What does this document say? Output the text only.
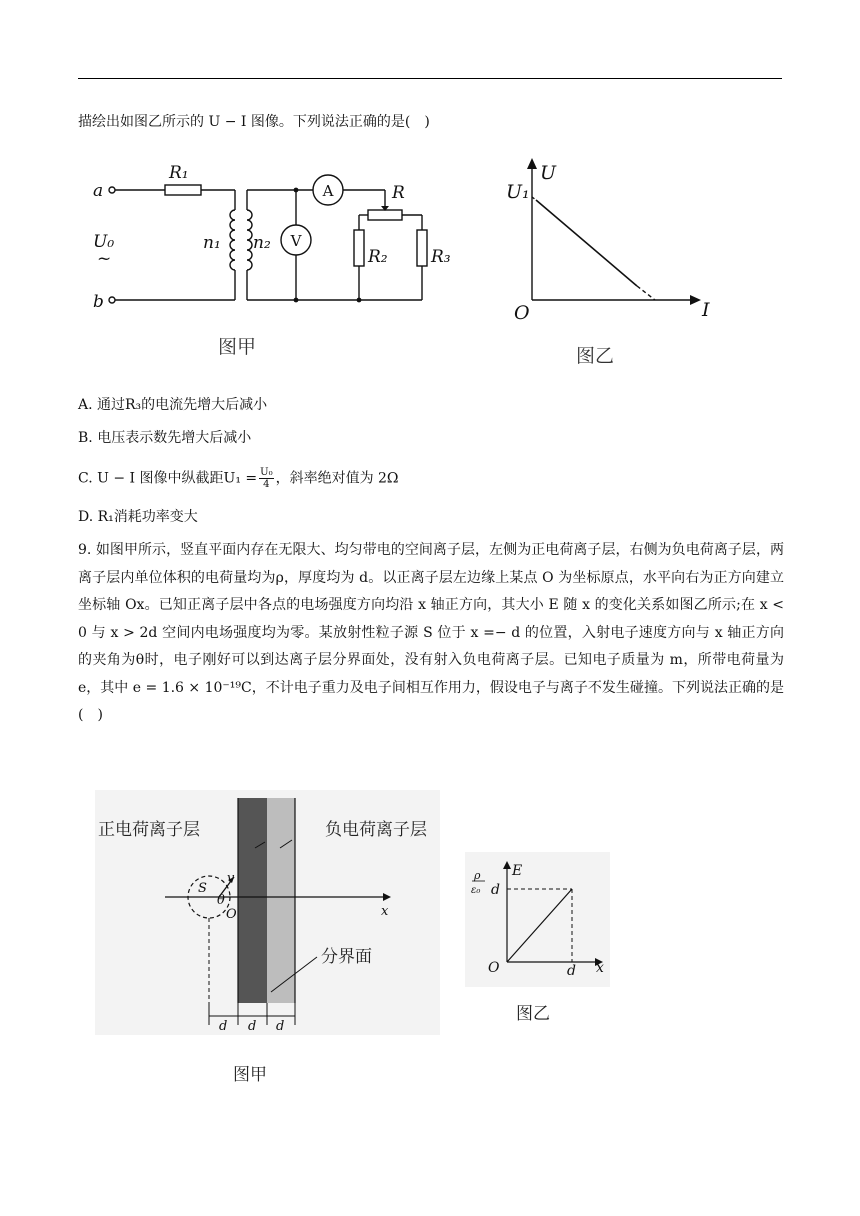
描绘出如图乙所示的 U − I 图像。下列说法正确的是(　)
a
b
U₀
~
R₁
n₁ n₂
R
R₂	R₃
A
V
图甲
U
I
O
U₁
图乙
A. 通过R₃的电流先增大后减小
B. 电压表示数先增大后减小
C. U − I 图像中纵截距$U_1 = \frac{\text{U₀}}{4}$ ，斜率绝对值为 2Ω
D. R₁消耗功率变大
9. 如图甲所示，竖直平面内存在无限大、均匀带电的空间离子层，左侧为正电荷离子层，右侧为负电荷离子层，两离子层内单位体积的电荷量均为ρ，厚度均为 d。以正离子层左边缘上某点 O 为坐标原点，水平向右为正方向建立坐标轴 Ox。已知正离子层中各点的电场强度方向均沿 x 轴正方向，其大小 E 随 x 的变化关系如图乙所示;在 x < 0 与 x > 2d 空间内电场强度均为零。某放射性粒子源 S 位于 x =− d 的位置，入射电子速度方向与 x 轴正方向的夹角为θ时，电子刚好可以到达离子层分界面处，没有射入负电荷离子层。已知电子质量为 m，所带电荷量为 e，其中 e = 1.6 × 10⁻¹⁹C，不计电子重力及电子间相互作用力，假设电子与离子不发生碰撞。下列说法正确的是(　)
正电荷离子层	负电荷离子层
分界面
S
v
θ
O	x
d d d
图甲
E
x
O
ρ
ε₀ d
d
图乙
